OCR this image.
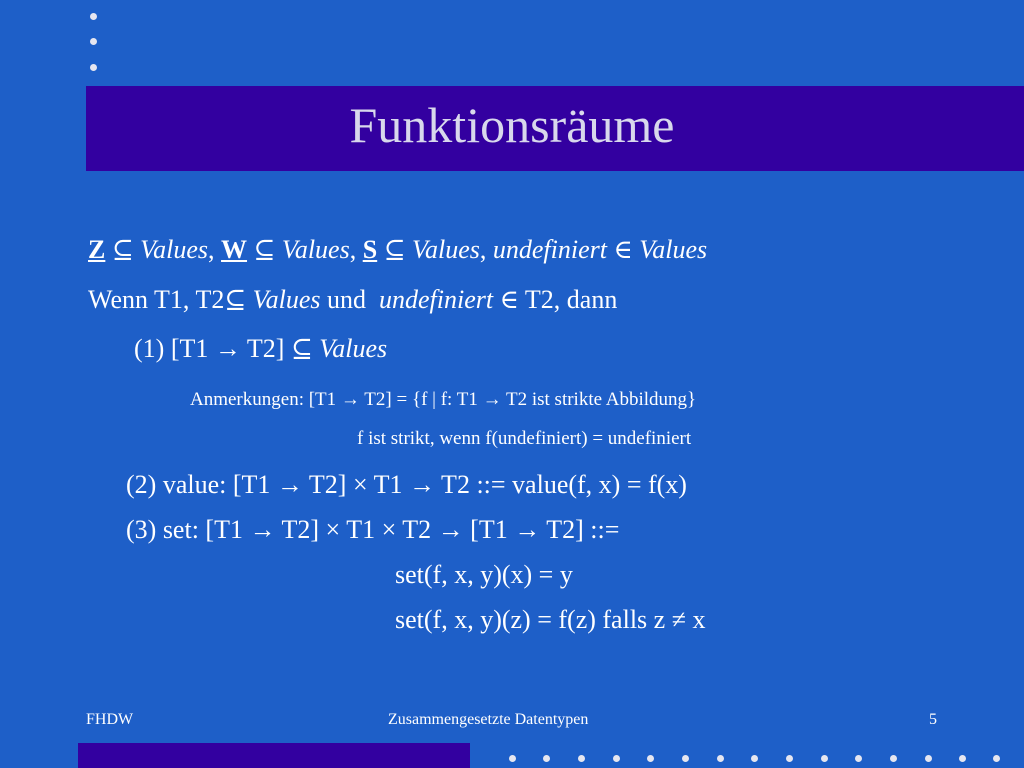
Funktionsräume
Z ⊆ Values, W ⊆ Values, S ⊆ Values, undefiniert ∈ Values
Wenn T1, T2⊆ Values und undefiniert ∈ T2, dann
(1) [T1 → T2] ⊆ Values
Anmerkungen: [T1 → T2] = {f | f: T1 → T2 ist strikte Abbildung}
f ist strikt, wenn f(undefiniert) = undefiniert
(2) value: [T1 → T2] × T1 → T2 ::= value(f, x) = f(x)
(3) set: [T1 → T2] × T1 × T2 → [T1 → T2] ::=
set(f, x, y)(x) = y
set(f, x, y)(z) = f(z) falls z ≠ x
FHDW	Zusammengesetzte Datentypen	5
